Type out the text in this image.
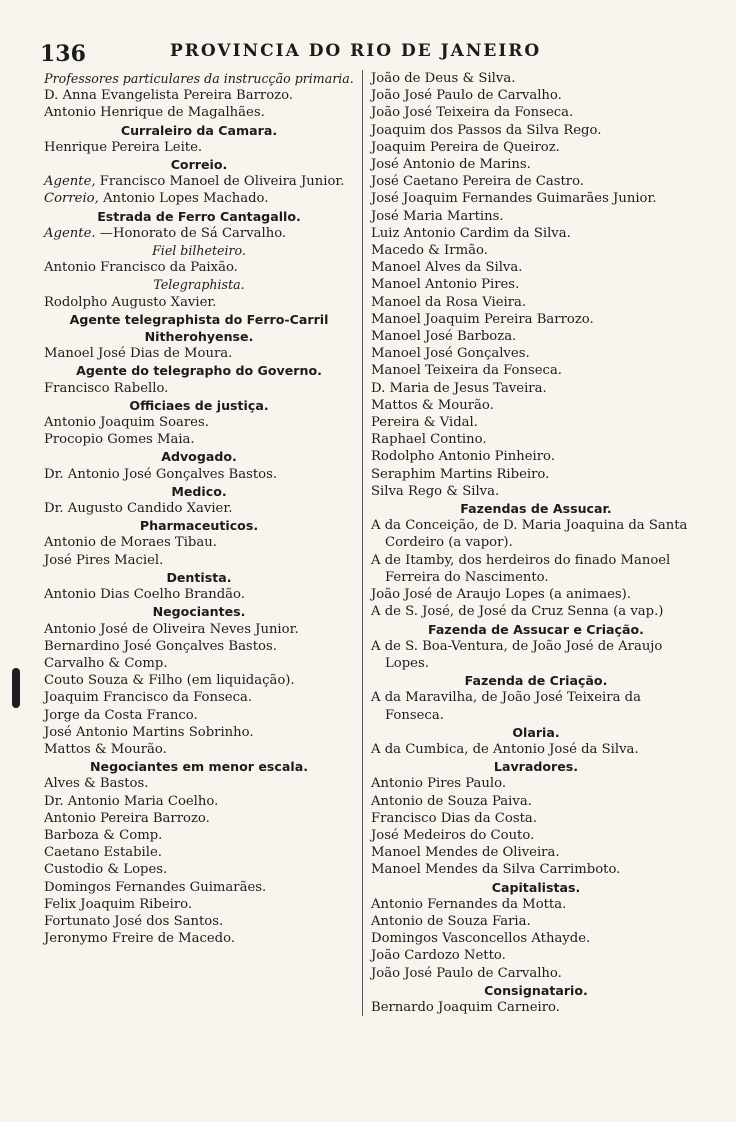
136	PROVINCIA DO RIO DE JANEIRO
Professores particulares da instrucção primaria.
D. Anna Evangelista Pereira Barrozo.
Antonio Henrique de Magalhães.
Curraleiro da Camara.
Henrique Pereira Leite.
Correio.
Agente, Francisco Manoel de Oliveira Junior.
Correio, Antonio Lopes Machado.
Estrada de Ferro Cantagallo.
Agente. —Honorato de Sá Carvalho.
Fiel bilheteiro.
Antonio Francisco da Paixão.
Telegraphista.
Rodolpho Augusto Xavier.
Agente telegraphista do Ferro-Carril Nitherohyense.
Manoel José Dias de Moura.
Agente do telegrapho do Governo.
Francisco Rabello.
Officiaes de justiça.
Antonio Joaquim Soares.
Procopio Gomes Maia.
Advogado.
Dr. Antonio José Gonçalves Bastos.
Medico.
Dr. Augusto Candido Xavier.
Pharmaceuticos.
Antonio de Moraes Tibau.
José Pires Maciel.
Dentista.
Antonio Dias Coelho Brandão.
Negociantes.
Antonio José de Oliveira Neves Junior.
Bernardino José Gonçalves Bastos.
Carvalho & Comp.
Couto Souza & Filho (em liquidação).
Joaquim Francisco da Fonseca.
Jorge da Costa Franco.
José Antonio Martins Sobrinho.
Mattos & Mourão.
Negociantes em menor escala.
Alves & Bastos.
Dr. Antonio Maria Coelho.
Antonio Pereira Barrozo.
Barboza & Comp.
Caetano Estabile.
Custodio & Lopes.
Domingos Fernandes Guimarães.
Felix Joaquim Ribeiro.
Fortunato José dos Santos.
Jeronymo Freire de Macedo.
João de Deus & Silva.
João José Paulo de Carvalho.
João José Teixeira da Fonseca.
Joaquim dos Passos da Silva Rego.
Joaquim Pereira de Queiroz.
José Antonio de Marins.
José Caetano Pereira de Castro.
José Joaquim Fernandes Guimarães Junior.
José Maria Martins.
Luiz Antonio Cardim da Silva.
Macedo & Irmão.
Manoel Alves da Silva.
Manoel Antonio Pires.
Manoel da Rosa Vieira.
Manoel Joaquim Pereira Barrozo.
Manoel José Barboza.
Manoel José Gonçalves.
Manoel Teixeira da Fonseca.
D. Maria de Jesus Taveira.
Mattos & Mourão.
Pereira & Vidal.
Raphael Contino.
Rodolpho Antonio Pinheiro.
Seraphim Martins Ribeiro.
Silva Rego & Silva.
Fazendas de Assucar.
A da Conceição, de D. Maria Joaquina da Santa Cordeiro (a vapor).
A de Itamby, dos herdeiros do finado Manoel Ferreira do Nascimento.
João José de Araujo Lopes (a animaes).
A de S. José, de José da Cruz Senna (a vap.)
Fazenda de Assucar e Criação.
A de S. Boa-Ventura, de João José de Araujo Lopes.
Fazenda de Criação.
A da Maravilha, de João José Teixeira da Fonseca.
Olaria.
A da Cumbica, de Antonio José da Silva.
Lavradores.
Antonio Pires Paulo.
Antonio de Souza Paiva.
Francisco Dias da Costa.
José Medeiros do Couto.
Manoel Mendes de Oliveira.
Manoel Mendes da Silva Carrimboto.
Capitalistas.
Antonio Fernandes da Motta.
Antonio de Souza Faria.
Domingos Vasconcellos Athayde.
João Cardozo Netto.
João José Paulo de Carvalho.
Consignatario.
Bernardo Joaquim Carneiro.
